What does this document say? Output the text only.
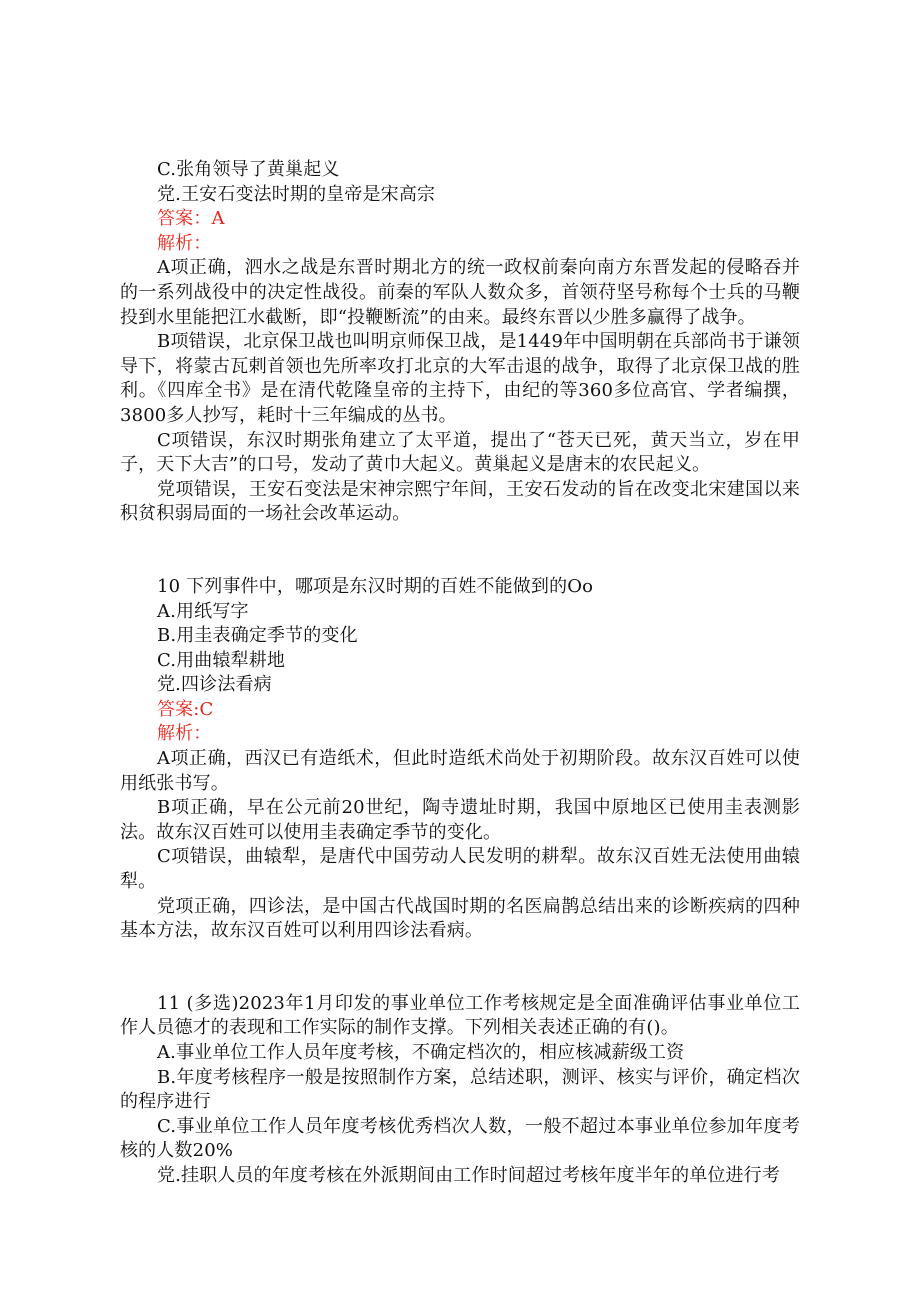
C.张角领导了黄巢起义

党.王安石变法时期的皇帝是宋高宗

答案：A

解析：

A项正确，泗水之战是东晋时期北方的统一政权前秦向南方东晋发起的侵略吞并的一系列战役中的决定性战役。前秦的军队人数众多，首领苻坚号称每个士兵的马鞭投到水里能把江水截断，即“投鞭断流”的由来。最终东晋以少胜多赢得了战争。

B项错误，北京保卫战也叫明京师保卫战，是1449年中国明朝在兵部尚书于谦领导下，将蒙古瓦剌首领也先所率攻打北京的大军击退的战争，取得了北京保卫战的胜利。《四库全书》是在清代乾隆皇帝的主持下，由纪的等360多位高官、学者编撰，3800多人抄写，耗时十三年编成的丛书。

C项错误，东汉时期张角建立了太平道，提出了“苍天已死，黄天当立，岁在甲子，天下大吉”的口号，发动了黄巾大起义。黄巢起义是唐末的农民起义。

党项错误，王安石变法是宋神宗熙宁年间，王安石发动的旨在改变北宋建国以来积贫积弱局面的一场社会改革运动。

10 下列事件中，哪项是东汉时期的百姓不能做到的Oo

A.用纸写字

B.用圭表确定季节的变化

C.用曲辕犁耕地

党.四诊法看病

答案:C

解析：

A项正确，西汉已有造纸术，但此时造纸术尚处于初期阶段。故东汉百姓可以使用纸张书写。

B项正确，早在公元前20世纪，陶寺遗址时期，我国中原地区已使用圭表测影法。故东汉百姓可以使用圭表确定季节的变化。

C项错误，曲辕犁，是唐代中国劳动人民发明的耕犁。故东汉百姓无法使用曲辕犁。

党项正确，四诊法，是中国古代战国时期的名医扁鹊总结出来的诊断疾病的四种基本方法，故东汉百姓可以利用四诊法看病。

11 (多选)2023年1月印发的事业单位工作考核规定是全面准确评估事业单位工作人员德才的表现和工作实际的制作支撑。下列相关表述正确的有()。

A.事业单位工作人员年度考核，不确定档次的，相应核减薪级工资

B.年度考核程序一般是按照制作方案，总结述职，测评、核实与评价，确定档次的程序进行

C.事业单位工作人员年度考核优秀档次人数，一般不超过本事业单位参加年度考核的人数20%

党.挂职人员的年度考核在外派期间由工作时间超过考核年度半年的单位进行考
